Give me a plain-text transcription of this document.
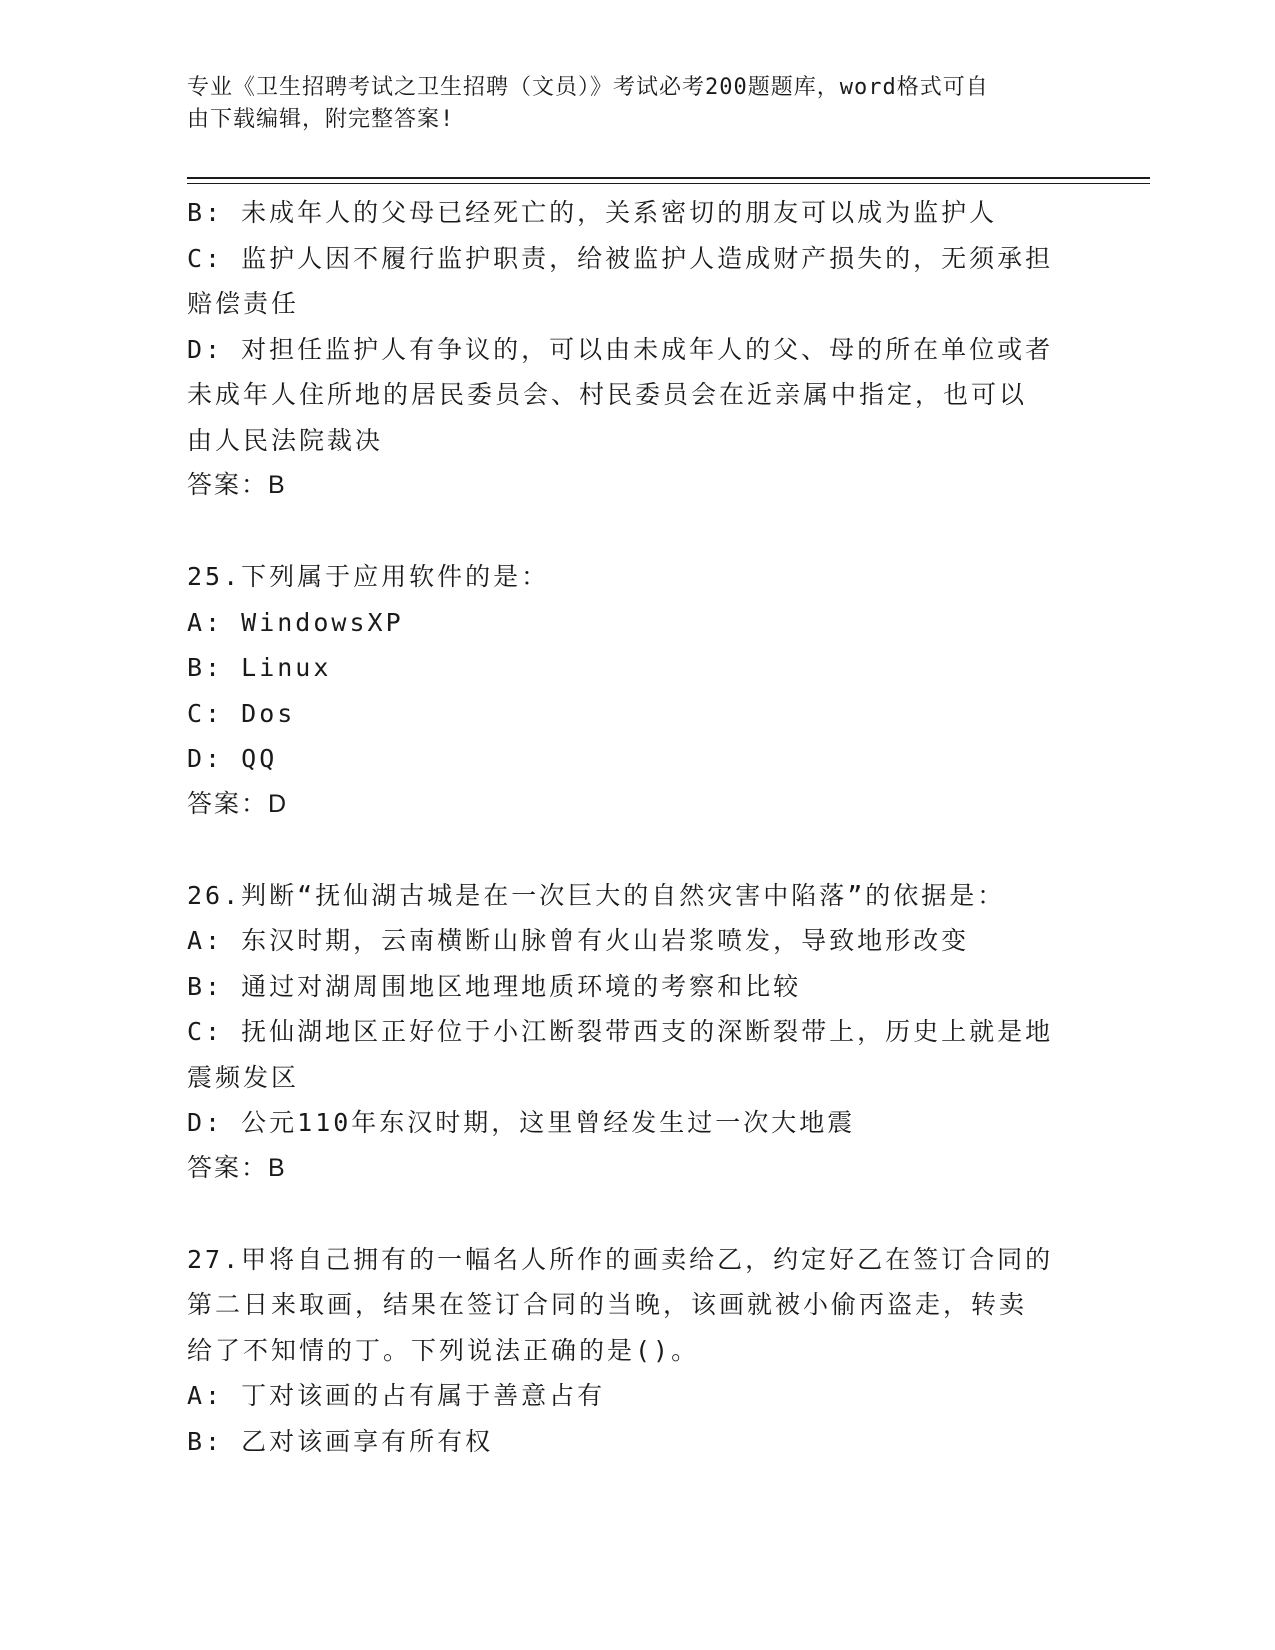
专业《卫生招聘考试之卫生招聘（文员）》考试必考200题题库，word格式可自
由下载编辑，附完整答案!
B: 未成年人的父母已经死亡的，关系密切的朋友可以成为监护人
C: 监护人因不履行监护职责，给被监护人造成财产损失的，无须承担
赔偿责任
D: 对担任监护人有争议的，可以由未成年人的父、母的所在单位或者
未成年人住所地的居民委员会、村民委员会在近亲属中指定，也可以
由人民法院裁决
答案：B
25.下列属于应用软件的是：
A: WindowsXP
B: Linux
C: Dos
D: QQ
答案：D
26.判断“抚仙湖古城是在一次巨大的自然灾害中陷落”的依据是：
A: 东汉时期，云南横断山脉曾有火山岩浆喷发，导致地形改变
B: 通过对湖周围地区地理地质环境的考察和比较
C: 抚仙湖地区正好位于小江断裂带西支的深断裂带上，历史上就是地
震频发区
D: 公元110年东汉时期，这里曾经发生过一次大地震
答案：B
27.甲将自己拥有的一幅名人所作的画卖给乙，约定好乙在签订合同的
第二日来取画，结果在签订合同的当晚，该画就被小偷丙盗走，转卖
给了不知情的丁。下列说法正确的是()。
A: 丁对该画的占有属于善意占有
B: 乙对该画享有所有权
